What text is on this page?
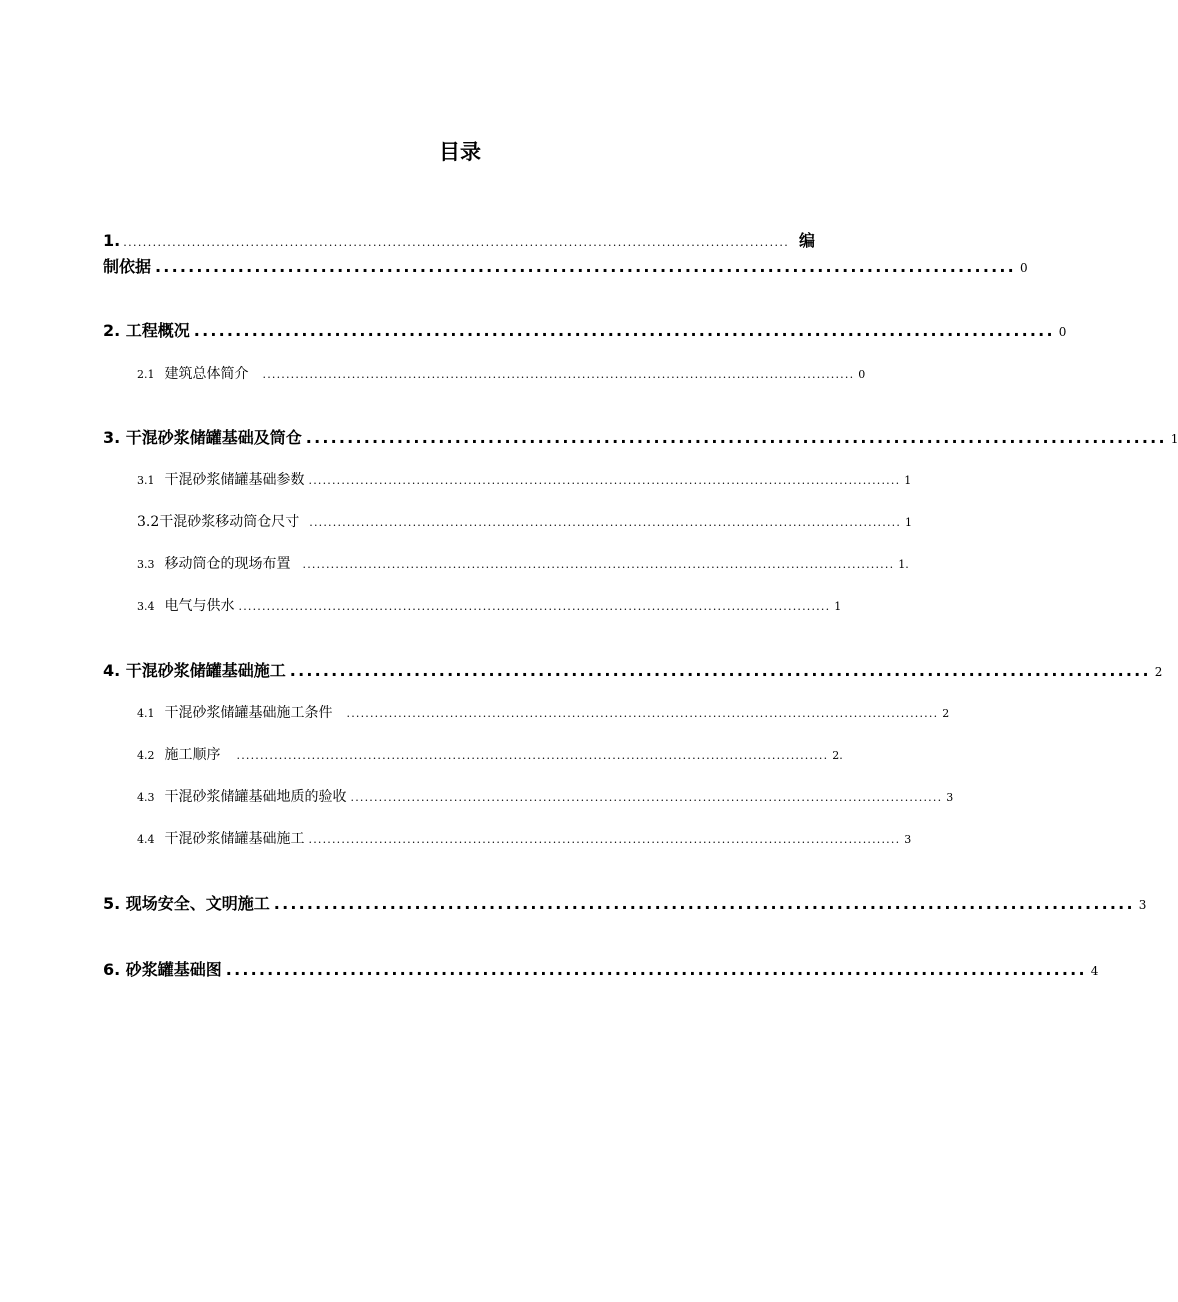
目录
1. ........................................................................................................................................ 编
制依据 ........................................................................................................ 0
2. 工程概况 ........................................................................................................ 0
2.1 建筑总体简介 .............................................................................................................................. 0
3. 干混砂浆储罐基础及筒仓 ........................................................................................................ 1
3.1 干混砂浆储罐基础参数 .............................................................................................................................. 1
3.2干混砂浆移动筒仓尺寸 .............................................................................................................................. 1
3.3 移动筒仓的现场布置 .............................................................................................................................. 1.
3.4 电气与供水 .............................................................................................................................. 1
4. 干混砂浆储罐基础施工 ........................................................................................................ 2
4.1 干混砂浆储罐基础施工条件 .............................................................................................................................. 2
4.2 施工顺序 .............................................................................................................................. 2.
4.3 干混砂浆储罐基础地质的验收 .............................................................................................................................. 3
4.4 干混砂浆储罐基础施工 .............................................................................................................................. 3
5. 现场安全、文明施工 ........................................................................................................ 3
6. 砂浆罐基础图 ........................................................................................................ 4
